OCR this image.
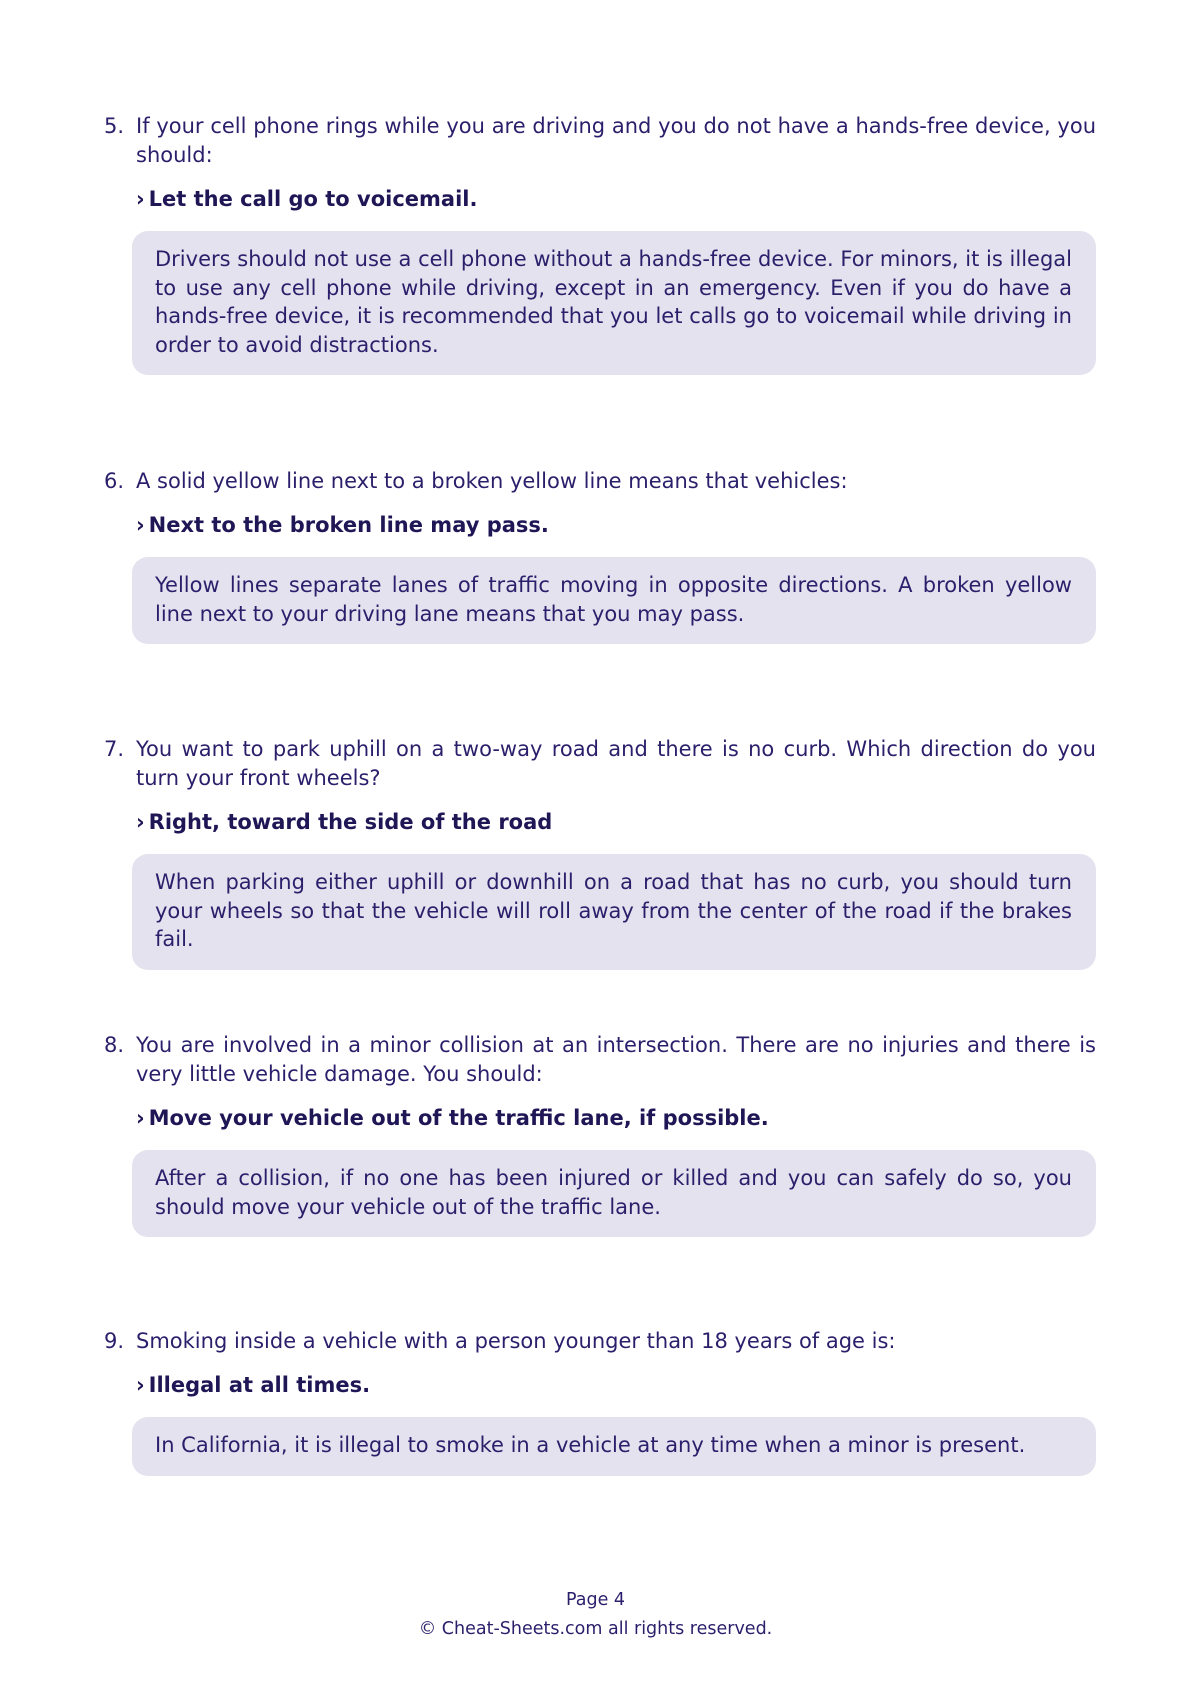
5. If your cell phone rings while you are driving and you do not have a hands-free device, you should:
› Let the call go to voicemail.
Drivers should not use a cell phone without a hands-free device. For minors, it is illegal to use any cell phone while driving, except in an emergency. Even if you do have a hands-free device, it is recommended that you let calls go to voicemail while driving in order to avoid distractions.
6. A solid yellow line next to a broken yellow line means that vehicles:
› Next to the broken line may pass.
Yellow lines separate lanes of traffic moving in opposite directions. A broken yellow line next to your driving lane means that you may pass.
7. You want to park uphill on a two-way road and there is no curb. Which direction do you turn your front wheels?
› Right, toward the side of the road
When parking either uphill or downhill on a road that has no curb, you should turn your wheels so that the vehicle will roll away from the center of the road if the brakes fail.
8. You are involved in a minor collision at an intersection. There are no injuries and there is very little vehicle damage. You should:
› Move your vehicle out of the traffic lane, if possible.
After a collision, if no one has been injured or killed and you can safely do so, you should move your vehicle out of the traffic lane.
9. Smoking inside a vehicle with a person younger than 18 years of age is:
› Illegal at all times.
In California, it is illegal to smoke in a vehicle at any time when a minor is present.
Page 4
© Cheat-Sheets.com all rights reserved.
